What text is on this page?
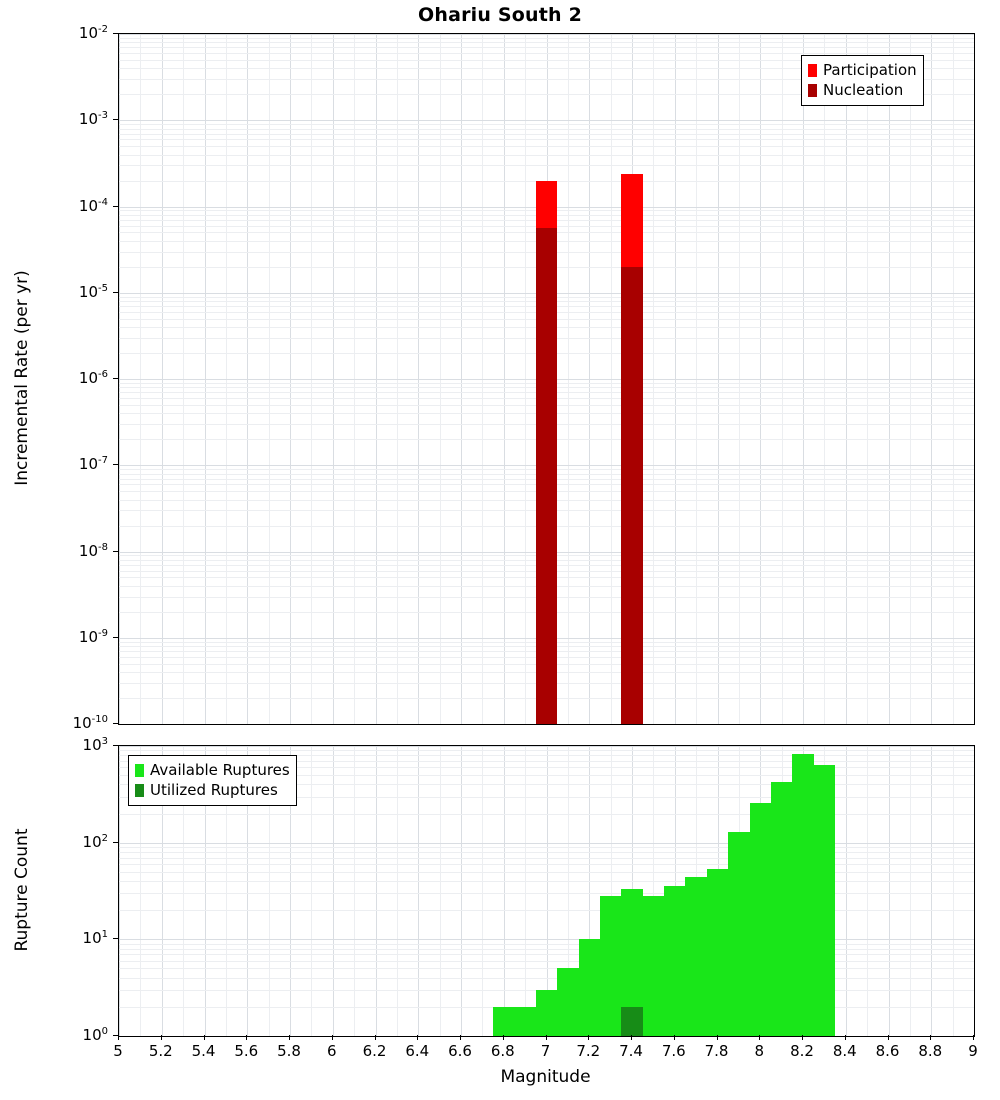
Ohariu South 2
Incremental Rate (per yr)
Participation
Nucleation
Rupture Count
Available Ruptures
Utilized Ruptures
Magnitude
$10^{-10}$
$10^{-9}$
$10^{-8}$
$10^{-7}$
$10^{-6}$
$10^{-5}$
$10^{-4}$
$10^{-3}$
$10^{-2}$
$10^0$
$10^1$
$10^2$
$10^3$
5 5.2 5.4 5.6 5.8 6 6.2 6.4 6.6 6.8 7 7.2 7.4 7.6 7.8 8 8.2 8.4 8.6 8.8 9
